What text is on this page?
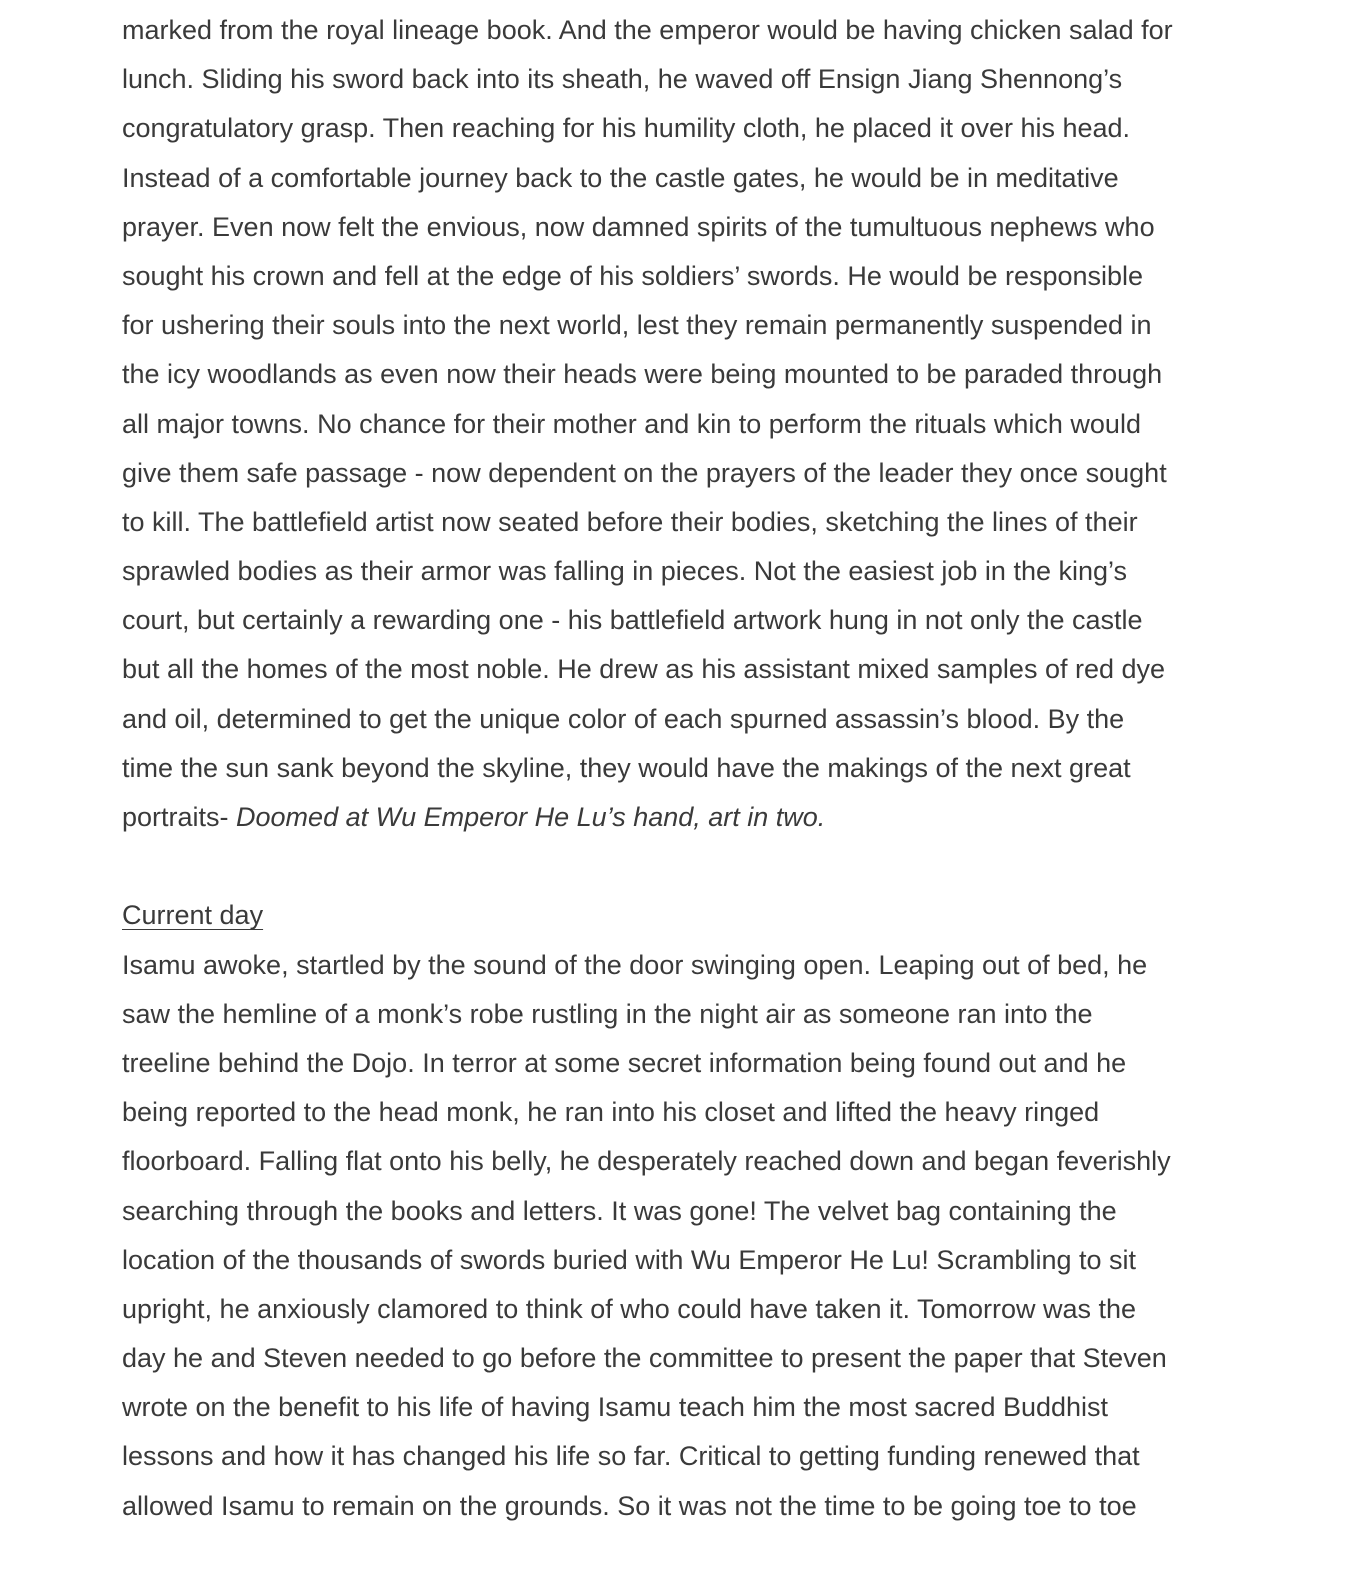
marked from the royal lineage book. And the emperor would be having chicken salad for
lunch. Sliding his sword back into its sheath, he waved off Ensign Jiang Shennong’s
congratulatory grasp. Then reaching for his humility cloth, he placed it over his head.
Instead of a comfortable journey back to the castle gates, he would be in meditative
prayer. Even now felt the envious, now damned spirits of the tumultuous nephews who
sought his crown and fell at the edge of his soldiers’ swords. He would be responsible
for ushering their souls into the next world, lest they remain permanently suspended in
the icy woodlands as even now their heads were being mounted to be paraded through
all major towns. No chance for their mother and kin to perform the rituals which would
give them safe passage - now dependent on the prayers of the leader they once sought
to kill. The battlefield artist now seated before their bodies, sketching the lines of their
sprawled bodies as their armor was falling in pieces. Not the easiest job in the king’s
court, but certainly a rewarding one - his battlefield artwork hung in not only the castle
but all the homes of the most noble. He drew as his assistant mixed samples of red dye
and oil, determined to get the unique color of each spurned assassin’s blood. By the
time the sun sank beyond the skyline, they would have the makings of the next great
portraits- Doomed at Wu Emperor He Lu’s hand, art in two.
Current day
Isamu awoke, startled by the sound of the door swinging open. Leaping out of bed, he
saw the hemline of a monk’s robe rustling in the night air as someone ran into the
treeline behind the Dojo. In terror at some secret information being found out and he
being reported to the head monk, he ran into his closet and lifted the heavy ringed
floorboard. Falling flat onto his belly, he desperately reached down and began feverishly
searching through the books and letters. It was gone! The velvet bag containing the
location of the thousands of swords buried with Wu Emperor He Lu! Scrambling to sit
upright, he anxiously clamored to think of who could have taken it. Tomorrow was the
day he and Steven needed to go before the committee to present the paper that Steven
wrote on the benefit to his life of having Isamu teach him the most sacred Buddhist
lessons and how it has changed his life so far. Critical to getting funding renewed that
allowed Isamu to remain on the grounds. So it was not the time to be going toe to toe
